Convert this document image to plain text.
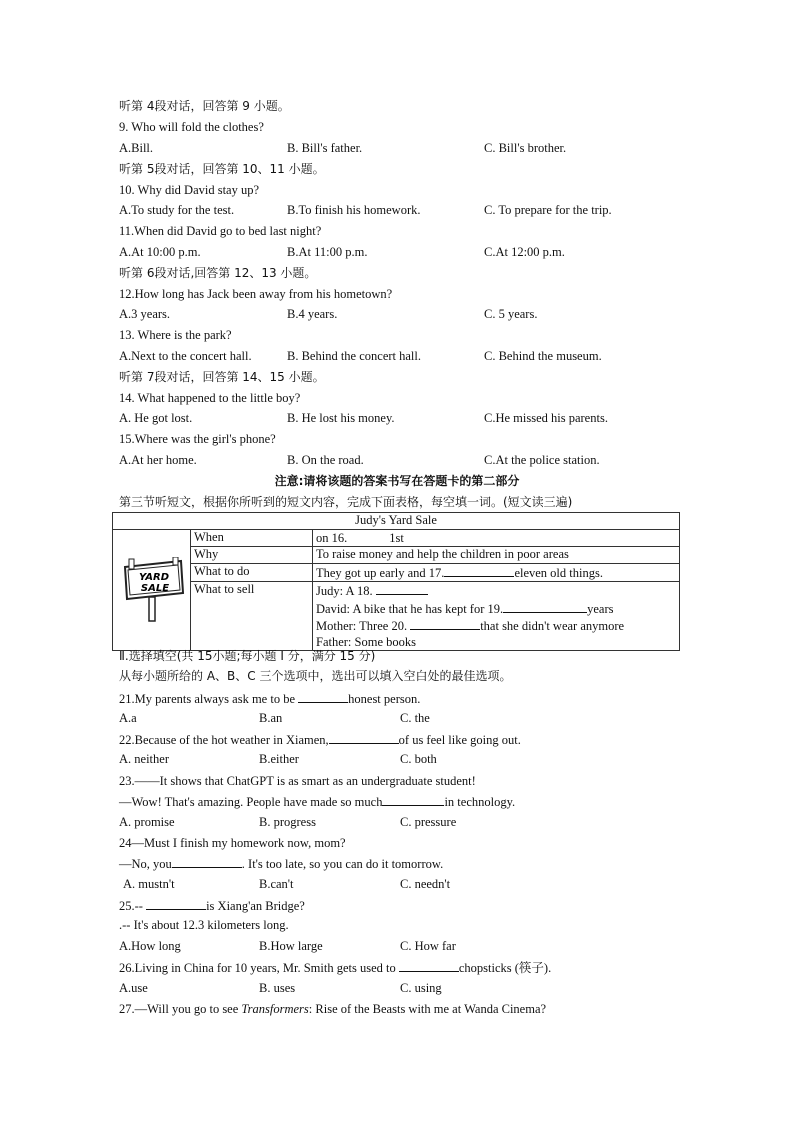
听第 4段对话，回答第 9 小题。
9. Who will fold the clothes?
A.Bill.	B. Bill's father.	C. Bill's brother.
听第 5段对话，回答第 10、11 小题。
10. Why did David stay up?
A.To study for the test.	B.To finish his homework.	C. To prepare for the trip.
11.When did David go to bed last night?
A.At 10:00 p.m.	B.At 11:00 p.m.	C.At 12:00 p.m.
听第 6段对话,回答第 12、13 小题。
12.How long has Jack been away from his hometown?
A.3 years.	B.4 years.	C. 5 years.
13. Where is the park?
A.Next to the concert hall.	B. Behind the concert hall.	C. Behind the museum.
听第 7段对话，回答第 14、15 小题。
14. What happened to the little boy?
A. He got lost.	B. He lost his money.	C.He missed his parents.
15.Where was the girl's phone?
A.At her home.	B. On the road.	C.At the police station.
注意:请将该题的答案书写在答题卡的第二部分
第三节听短文，根据你所听到的短文内容，完成下面表格，每空填一词。(短文读三遍)
Judy's Yard Sale		

YARD
SALE	When	on 16. 1st
	Why	To raise money and help the children in poor areas
	What to do	They got up early and 17. eleven old things.
	What to sell	Judy: A 18.
David: A bike that he has kept for 19. years
Mother: Three 20. that she didn't wear anymore
Father: Some books
Ⅱ.选择填空(共 15小题;每小题 I 分，满分 15 分)
从每小题所给的 A、B、C 三个选项中，选出可以填入空白处的最佳选项。
21.My parents always ask me to be	honest person.
A.a	B.an	C. the
22.Because of the hot weather in Xiamen,	of us feel like going out.
A. neither	B.either	C. both
23.——It shows that ChatGPT is as smart as an undergraduate student!
—Wow! That's amazing. People have made so much	in technology.
A. promise	B. progress	C. pressure
24—Must I finish my homework now, mom?
—No, you	. It's too late, so you can do it tomorrow.
A. mustn't	B.can't	C. needn't
25.--	is Xiang'an Bridge?
.-- It's about 12.3 kilometers long.
A.How long	B.How large	C. How far
26.Living in China for 10 years, Mr. Smith gets used to	chopsticks (筷子).
A.use	B. uses	C. using
27.—Will you go to see Transformers: Rise of the Beasts with me at Wanda Cinema?
